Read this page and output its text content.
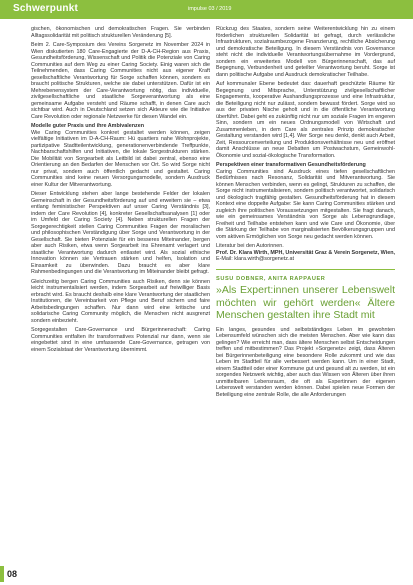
Schwerpunkt	impulse 03 / 2019

gischen, ökonomischen und demokratischen Fragen. Sie verbinden Alltagssolidarität mit politisch strukturellen Veränderung [5].

Beim 2. Care-Symposium des Vereins Sorgenetz im November 2024 in Wien diskutierten 180 Care-Engagierte der D-A-CH-Region aus Praxis, Gesundheitsförderung, Wissenschaft und Politik die Potenziale von Caring Communities auf dem Weg zu einer Caring Society. Einig waren sich die Teilnehmenden, dass Caring Communities nicht aus eigener Kraft gesellschaftliche Verantwortung für Sorge schaffen können, sondern es braucht politische Strukturen, welche sie dabei unterstützen. Dafür ist ein Mehrebenensystem der Care-Verantwortung nötig, das individuelle, zivilgesellschaftliche und staatliche Sorgeverantwortung als eine gemeinsame Aufgabe versteht und Räume schafft, in denen Care auch sichtbar wird. Auch in Deutschland setzen sich Akteure wie die Initiative Care Revolution oder regionale Netzwerke für diesen Wandel ein.

Modelle guter Praxis und ihre Ambivalenzen

Wie Caring Communities konkret gestaltet werden können, zeigen vielfältige Initiativen im D-A-CH-Raum: Hü quartiers nahe Wohnprojekte, partizipative Stadtteilentwicklung, generationenverbindende Treffpunkte, Nachbarschaftshilfen und Initiativen, die lokale Sorgestrukturen stärken. Die Mobilität von Sorgearbeit als Leitbild ist dabei zentral, ebenso eine Orientierung an den Bedarfen der Menschen vor Ort. So wird Sorge nicht nur privat, sondern auch öffentlich gedacht und gestaltet. Caring Communities sind keine neuen Versorgungsmodelle, sondern Ausdruck einer Kultur der Mitverantwortung.

Dieser Entwicklung stehen aber lange bestehende Felder der lokalen Gemeinschaft in der Gesundheitsförderung auf und erweitern sie – etwa entlang feministischer Perspektiven auf unser Caring Verständnis [3], indem der Care Revolution [4], konkreter Gesellschaftsanalysen [1] oder im Umfeld der Caring Society [4]. Neben strukturellen Fragen der Sorgegerechtigkeit stellen Caring Communities Fragen der moralischen und philosophischen Verständigung über Sorge und Verantwortung in der Gesellschaft. Sie bieten Potenziale für ein besseres Miteinander, bergen aber auch Risiken, etwa wenn Sorgearbeit ins Ehrenamt verlagert und staatliche Verantwortung dadurch entlastet wird. Als sozial ethische Innovation können sie Vertrauen stärken und helfen, Isolation und Einsamkeit zu überwinden. Dazu braucht es aber klare Rahmenbedingungen und die Verantwortung im Miteinander bleibt gefragt.

Gleichzeitig bergen Caring Communities auch Risiken, denn sie können leicht instrumentalisiert werden, indem Sorgearbeit auf freiwilliger Basis erbracht wird. Es braucht deshalb eine klare Verantwortung der staatlichen Institutionen, die Vereinbarkeit von Pflege und Beruf sichern und faire Arbeitsbedingungen schaffen. Nur dann wird eine kritische und solidarische Caring Community möglich, die Menschen nicht ausgrenzt sondern einbezieht.

Sorgegestalten Care-Governance und Bürgerinnenschaft: Caring Communities entfalten ihr transformatives Potenzial nur dann, wenn sie eingebettet sind in eine umfassende Care-Governance, getragen von einem Sozialstaat der Verantwortung übernimmt.

Rückzug des Staates, sondern seine Weiterentwicklung hin zu einem förderlichen strukturellen Solidarität ist gefragt, durch verlässliche Infrastrukturen, sozialraumbezogene Finanzierung, rechtliche Absicherung und demokratische Beteiligung. In diesem Verständnis von Governance steht nicht die individuelle Verantwortungsübernahme im Vordergrund, sondern ein erweitertes Modell von Bürgerinnenschaft, das auf Begegnung, Verbundenheit und geteilter Verantwortung beruht. Sorge ist dann politische Aufgabe und Ausdruck demokratischer Teilhabe.

Auf kommunaler Ebene bedeutet das: dauerhaft geschützte Räume für Begegnung und Mitsprache, Unterstützung zivilgesellschaftlicher Engagements, kooperative Aushandlungsprozesse und eine Infrastruktur, die Beteiligung nicht nur zulässt, sondern bewusst fördert. Sorge wird so aus der privaten Nische geholt und in die öffentliche Verantwortung überführt. Dabei geht es zukünftig nicht nur um soziale Fragen im engeren Sinn, sondern um ein neues Ordnungsmodell von Wirtschaft und Zusammenleben, in dem Care als zentrales Prinzip demokratischer Gestaltung verstanden wird [1,4]. Wer Sorge neu denkt, denkt auch Arbeit, Zeit, Ressourcenverteilung und Produktionsverhältnisse neu und eröffnet damit Anschlüsse an neue Debatten um Postwachstum, Gemeinwohl-Ökonomie und sozial-ökologische Transformation.

Perspektiven einer transformativen Gesundheitsförderung

Caring Communities sind Ausdruck eines tiefen gesellschaftlichen Bedürfnisses nach Resonanz, Solidarität und Mitverantwortung. Sie können Menschen verbinden, wenn es gelingt, Strukturen zu schaffen, die Sorge nicht instrumentalisieren, sondern politisch verantwortet, solidarisch und ökologisch tragfähig gestalten. Gesundheitsförderung hat in diesem Kontext eine doppelte Aufgabe: Sie kann Caring Communities stärken und zugleich ihre politischen Voraussetzungen mitgestalten. Sie fragt danach, wie ein gemeinsames Verständnis von Sorge als Lebensgrundlage, Freiheit und Teilhabe entstehen kann und wie Care und Ökonomie, über die Stärkung der Teilhabe von marginalisierten Bevölkerungsgruppen und vom aktiven Ermöglichen von Sorge neu gedacht werden können.

Literatur bei den Autorinnen.

Prof. Dr. Klara Wirth, MPH, Universität Graz & Verein Sorgenetz, Wien, E-Mail: klara.wirth@sorgenetz.at

SUSU DOBNER, ANITA RAPPAUER
»Als Expert:innen unserer Lebenswelt möchten wir gehört werden« Ältere Menschen gestalten ihre Stadt mit

Ein langes, gesundes und selbstständiges Leben im gewohnten Lebensumfeld wünschen sich die meisten Menschen. Aber wie kann das gelingen? Wie erreicht man, dass ältere Menschen selbst Entscheidungen treffen und mitbestimmen? Das Projekt »Sorgenetz« zeigt, dass Älteren bei Bürgerinnenbeteiligung eine besondere Rolle zukommt und wie das Leben im Stadtteil für alle verbessert werden kann. Um in einer Stadt, einem Stadtteil oder einer Kommune gut und gesund alt zu werden, ist ein sorgendes Netzwerk wichtig, aber auch das Wissen von Älteren über ihren unmittelbaren Lebensraum, die oft als Expertinnen der eigenen Lebenswelt verstanden werden können. Dabei spielen neue Formen der Beteiligung eine zentrale Rolle, die alle Anforderungen

08
